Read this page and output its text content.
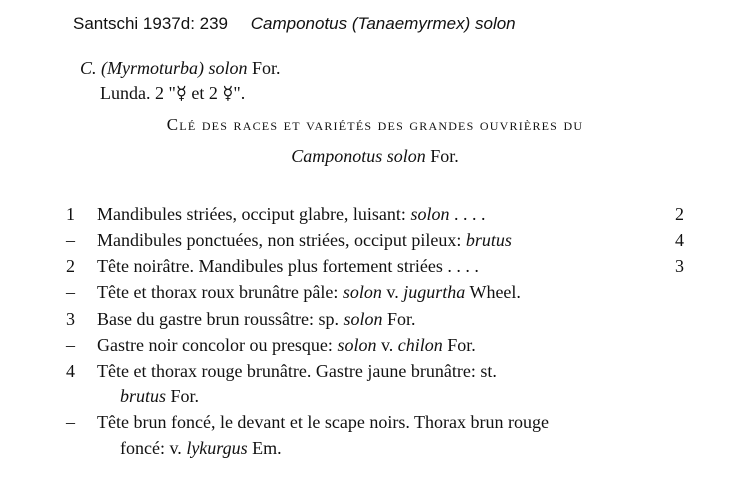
Santschi 1937d: 239 Camponotus (Tanaemyrmex) solon
C. (Myrmoturba) solon For.
Lunda. 2 "☿ et 2 ☿".
Clé des races et variétés des grandes ouvrières du
Camponotus solon For.
1 Mandibules striées, occiput glabre, luisant: solon . . . .	2
– Mandibules ponctuées, non striées, occiput pileux: brutus	4
2 Tête noirâtre. Mandibules plus fortement striées . . . .	3
– Tête et thorax roux brunâtre pâle: solon v. jugurtha Wheel.
3 Base du gastre brun roussâtre: sp. solon For.
– Gastre noir concolor ou presque: solon v. chilon For.
4 Tête et thorax rouge brunâtre. Gastre jaune brunâtre: st.
brutus For.
– Tête brun foncé, le devant et le scape noirs. Thorax brun rouge
foncé: v. lykurgus Em.
